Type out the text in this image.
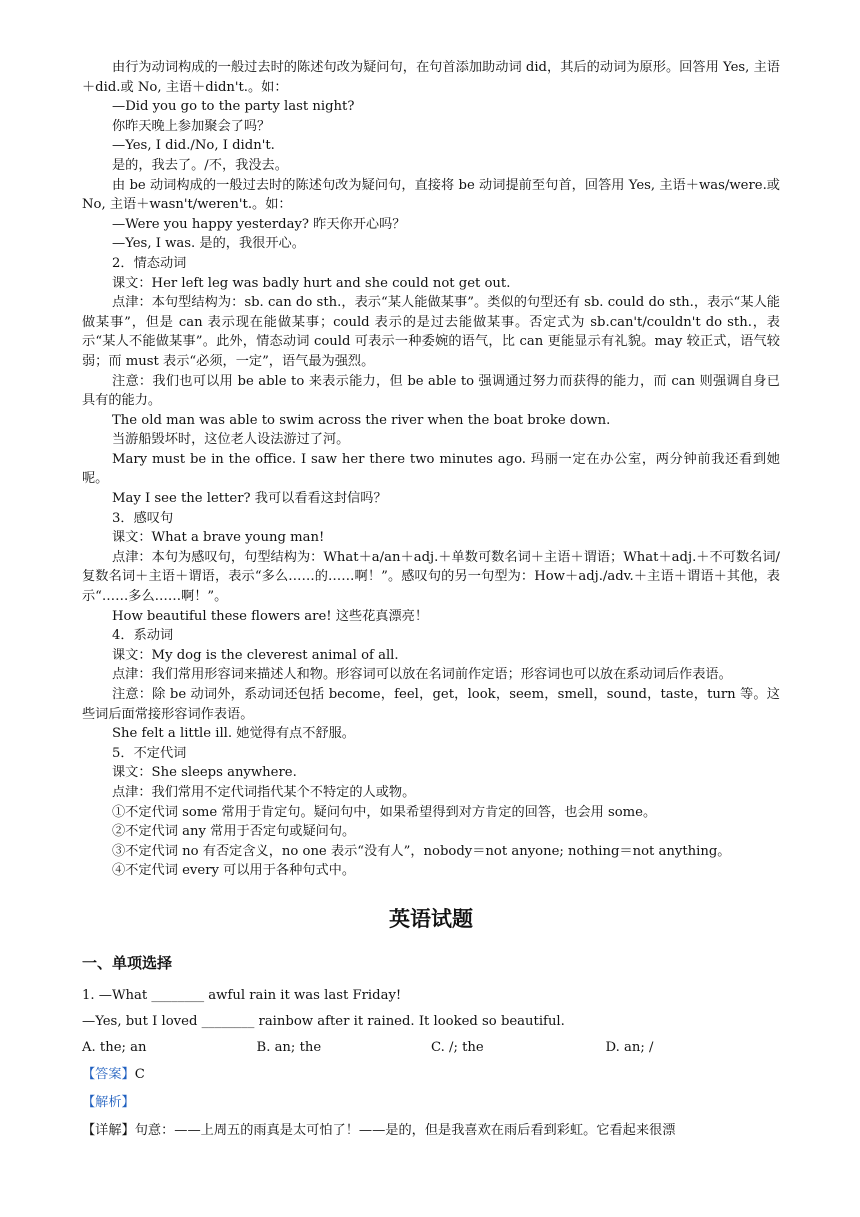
由行为动词构成的一般过去时的陈述句改为疑问句，在句首添加助动词 did，其后的动词为原形。回答用 Yes, 主语＋did.或 No, 主语＋didn't.。如：

—Did you go to the party last night?

你昨天晚上参加聚会了吗？

—Yes, I did./No, I didn't.

是的，我去了。/不，我没去。

由 be 动词构成的一般过去时的陈述句改为疑问句，直接将 be 动词提前至句首，回答用 Yes, 主语＋was/were.或 No, 主语＋wasn't/weren't.。如：

—Were you happy yesterday? 昨天你开心吗？

—Yes, I was. 是的，我很开心。

2．情态动词

课文：Her left leg was badly hurt and she could not get out.

点津：本句型结构为：sb. can do sth.，表示“某人能做某事”。类似的句型还有 sb. could do sth.，表示“某人能做某事”，但是 can 表示现在能做某事；could 表示的是过去能做某事。否定式为 sb.can't/couldn't do sth.，表示“某人不能做某事”。此外，情态动词 could 可表示一种委婉的语气，比 can 更能显示有礼貌。may 较正式，语气较弱；而 must 表示“必须，一定”，语气最为强烈。

注意：我们也可以用 be able to 来表示能力，但 be able to 强调通过努力而获得的能力，而 can 则强调自身已具有的能力。

The old man was able to swim across the river when the boat broke down.

当游船毁坏时，这位老人设法游过了河。

Mary must be in the office. I saw her there two minutes ago. 玛丽一定在办公室，两分钟前我还看到她呢。

May I see the letter? 我可以看看这封信吗？

3．感叹句

课文：What a brave young man!

点津：本句为感叹句，句型结构为：What＋a/an＋adj.＋单数可数名词＋主语＋谓语；What＋adj.＋不可数名词/复数名词＋主语＋谓语，表示“多么……的……啊！”。感叹句的另一句型为：How＋adj./adv.＋主语＋谓语＋其他，表示“……多么……啊！”。

How beautiful these flowers are! 这些花真漂亮！

4．系动词

课文：My dog is the cleverest animal of all.

点津：我们常用形容词来描述人和物。形容词可以放在名词前作定语；形容词也可以放在系动词后作表语。

注意：除 be 动词外，系动词还包括 become，feel，get，look，seem，smell，sound，taste，turn 等。这些词后面常接形容词作表语。

She felt a little ill. 她觉得有点不舒服。

5．不定代词

课文：She sleeps anywhere.

点津：我们常用不定代词指代某个不特定的人或物。

①不定代词 some 常用于肯定句。疑问句中，如果希望得到对方肯定的回答，也会用 some。

②不定代词 any 常用于否定句或疑问句。

③不定代词 no 有否定含义，no one 表示“没有人”，nobody＝not anyone; nothing＝not anything。

④不定代词 every 可以用于各种句式中。

英语试题
一、单项选择

1. —What ________ awful rain it was last Friday!

—Yes, but I loved ________ rainbow after it rained. It looked so beautiful.

A. the; an	B. an; the	C. /; the	D. an; /

【答案】C

【解析】

【详解】句意：——上周五的雨真是太可怕了！——是的，但是我喜欢在雨后看到彩虹。它看起来很漂
